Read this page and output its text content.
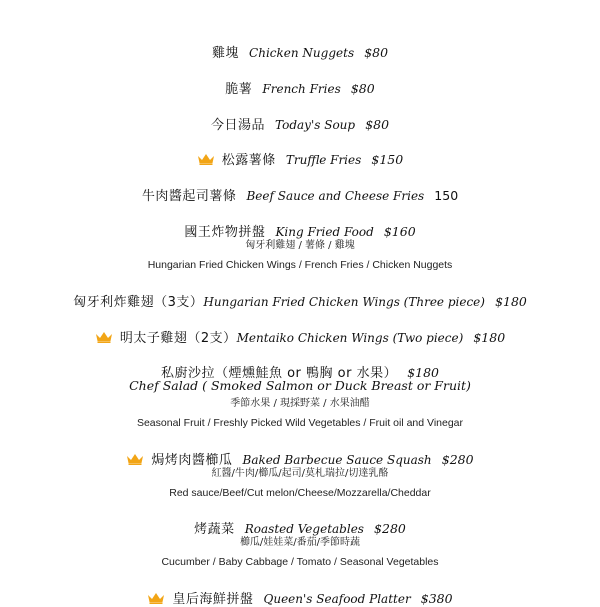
雞塊 Chicken Nuggets $80
脆薯 French Fries $80
今日湯品 Today's Soup $80
松露薯條 Truffle Fries $150
牛肉醬起司薯條 Beef Sauce and Cheese Fries 150
國王炸物拼盤 King Fried Food $160
匈牙利雞翅 / 薯條 / 雞塊
Hungarian Fried Chicken Wings / French Fries / Chicken Nuggets
匈牙利炸雞翅（3支）Hungarian Fried Chicken Wings (Three piece) $180
明太子雞翅（2支）Mentaiko Chicken Wings (Two piece) $180
私廚沙拉（煙燻鮭魚 or 鴨胸 or 水果） $180
Chef Salad ( Smoked Salmon or Duck Breast or Fruit)
季節水果 / 現採野菜 / 水果油醋
Seasonal Fruit / Freshly Picked Wild Vegetables / Fruit oil and Vinegar
焗烤肉醬櫛瓜 Baked Barbecue Sauce Squash $280
紅醬/牛肉/櫛瓜/起司/莫札瑞拉/切達乳酪
Red sauce/Beef/Cut melon/Cheese/Mozzarella/Cheddar
烤蔬菜 Roasted Vegetables $280
櫛瓜/娃娃菜/番茄/季節時蔬
Cucumber / Baby Cabbage / Tomato / Seasonal Vegetables
皇后海鮮拼盤 Queen's Seafood Platter $380
